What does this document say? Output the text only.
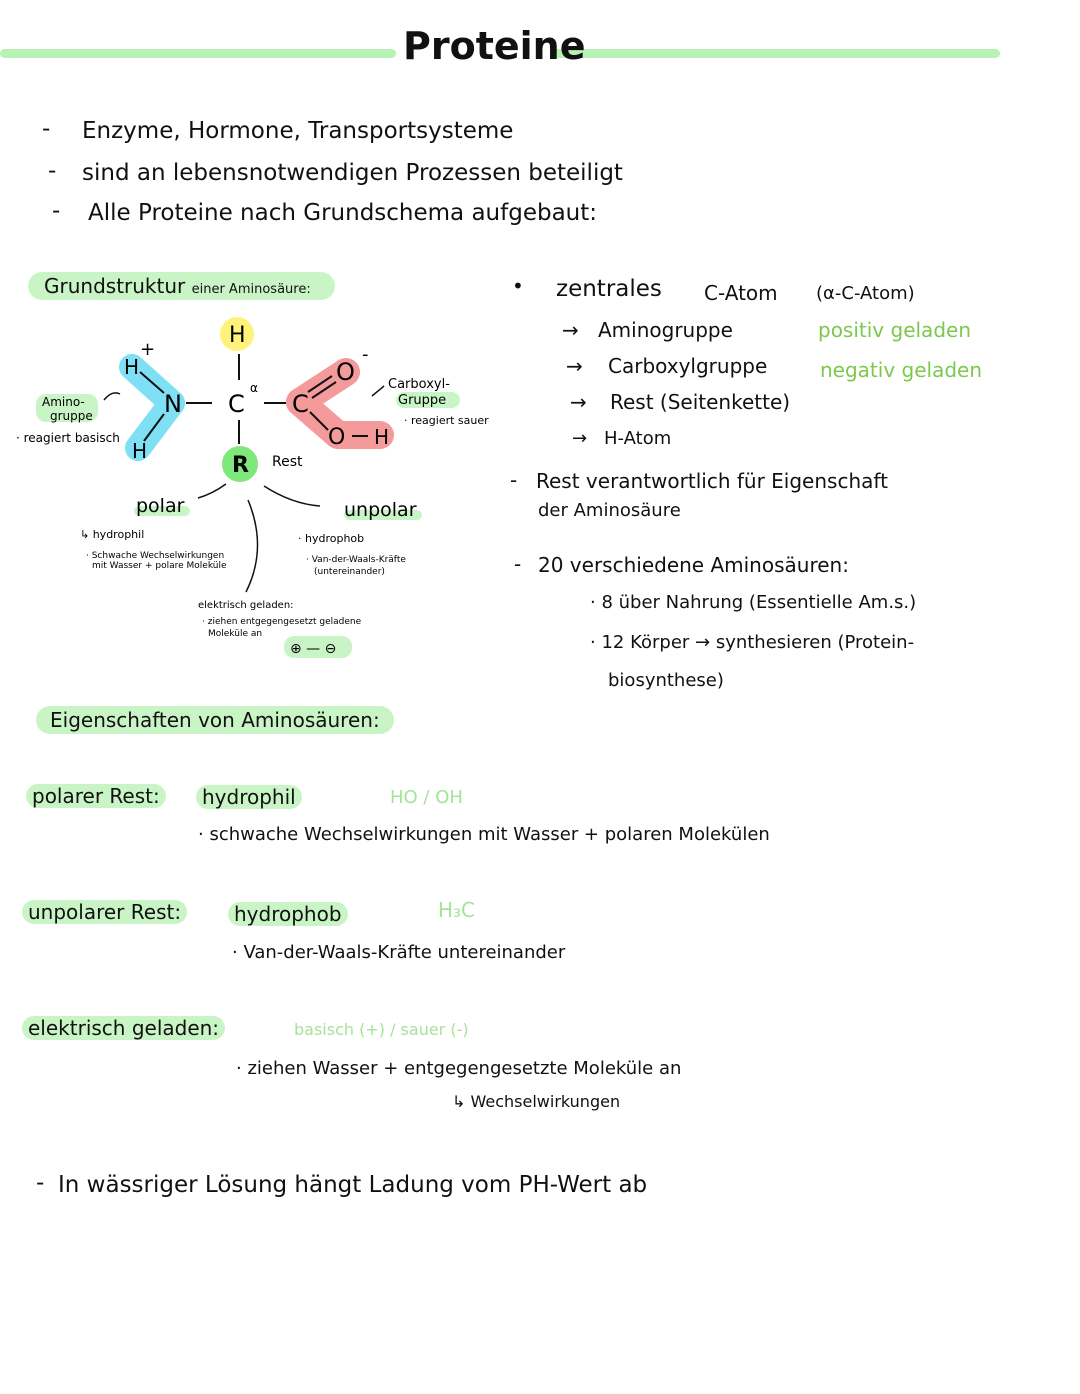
Proteine
- Enzyme, Hormone, Transportsysteme
- sind an lebensnotwendigen Prozessen beteiligt
- Alle Proteine nach Grundschema aufgebaut:
Grundstruktur einer Aminosäure:
H
C
α
N
H
H
+
C
O
-
O H
R Rest
Amino-
gruppe
· reagiert basisch
Carboxyl-
Gruppe
· reagiert sauer
polar
↳ hydrophil
· Schwache Wechselwirkungen
mit Wasser + polare Moleküle
unpolar
· hydrophob
· Van-der-Waals-Kräfte
(untereinander)
elektrisch geladen:
· ziehen entgegengesetzt geladene
Moleküle an
⊕ — ⊖
• zentrales C-Atom (α-C-Atom)
→ Aminogruppe	positiv geladen
→ Carboxylgruppe	negativ geladen
→ Rest (Seitenkette)
→ H-Atom
- Rest verantwortlich für Eigenschaft
der Aminosäure
- 20 verschiedene Aminosäuren:
· 8 über Nahrung (Essentielle Am.s.)
· 12 Körper → synthesieren (Protein-
biosynthese)
Eigenschaften von Aminosäuren:
polarer Rest:	hydrophil	HO / OH
· schwache Wechselwirkungen mit Wasser + polaren Molekülen
unpolarer Rest:	hydrophob	H₃C
· Van-der-Waals-Kräfte untereinander
elektrisch geladen:	basisch (+) / sauer (-)
· ziehen Wasser + entgegengesetzte Moleküle an
↳ Wechselwirkungen
- In wässriger Lösung hängt Ladung vom PH-Wert ab
